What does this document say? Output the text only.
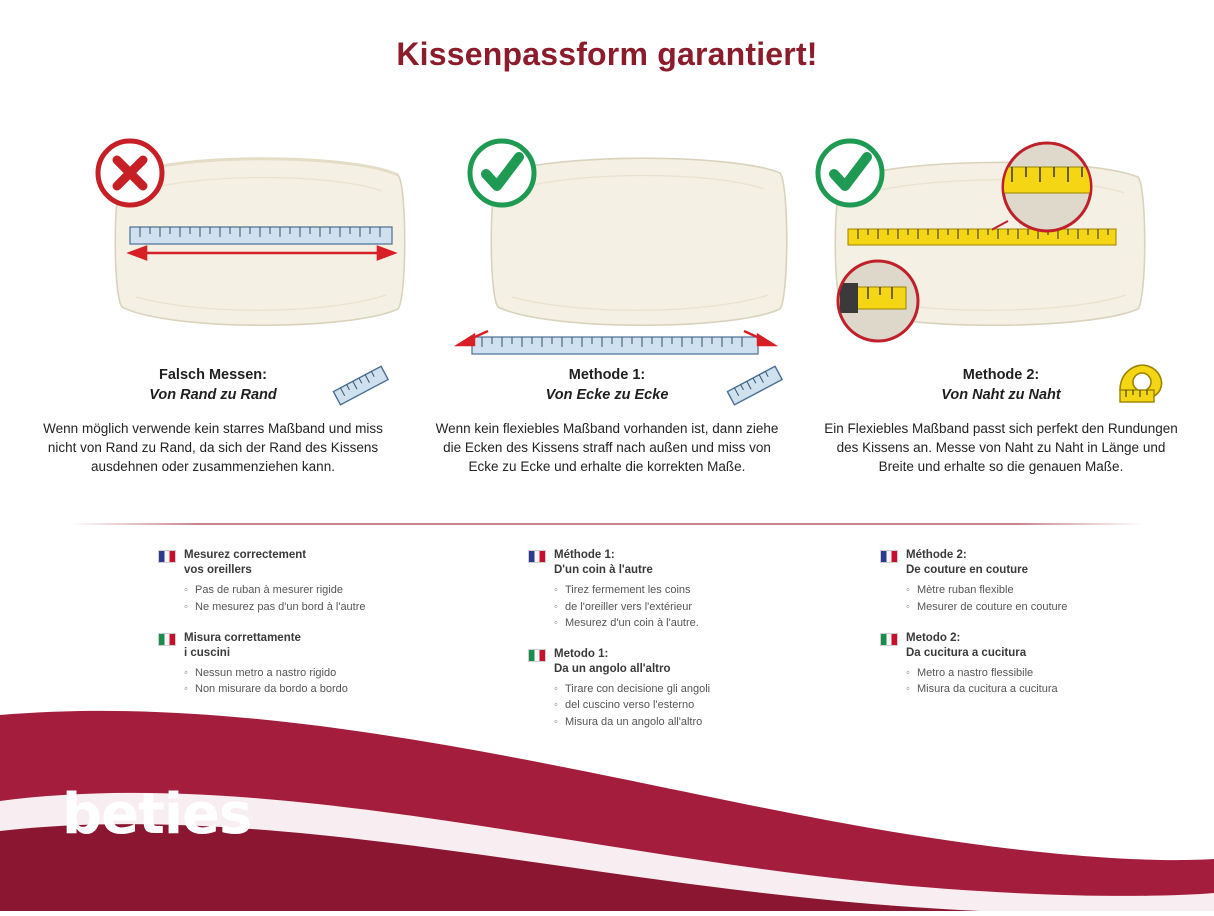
Kissenpassform garantiert!
Falsch Messen:
Von Rand zu Rand
Wenn möglich verwende kein starres Maßband und miss nicht von Rand zu Rand, da sich der Rand des Kissens ausdehnen oder zusammenziehen kann.
Methode 1:
Von Ecke zu Ecke
Wenn kein flexiebles Maßband vorhanden ist, dann ziehe die Ecken des Kissens straff nach außen und miss von Ecke zu Ecke und erhalte die korrekten Maße.
Methode 2:
Von Naht zu Naht
Ein Flexiebles Maßband passt sich perfekt den Rundungen des Kissens an. Messe von Naht zu Naht in Länge und Breite und erhalte so die genauen Maße.
Mesurez correctement
vos oreillers
◦ Pas de ruban à mesurer rigide
◦ Ne mesurez pas d'un bord à l'autre
Misura correttamente
i cuscini
◦ Nessun metro a nastro rigido
◦ Non misurare da bordo a bordo
Méthode 1:
D'un coin à l'autre
◦ Tirez fermement les coins
◦ de l'oreiller vers l'extérieur
◦ Mesurez d'un coin à l'autre.
Metodo 1:
Da un angolo all'altro
◦ Tirare con decisione gli angoli
◦ del cuscino verso l'esterno
◦ Misura da un angolo all'altro
Méthode 2:
De couture en couture
◦ Mètre ruban flexible
◦ Mesurer de couture en couture
Metodo 2:
Da cucitura a cucitura
◦ Metro a nastro flessibile
◦ Misura da cucitura a cucitura
beties
